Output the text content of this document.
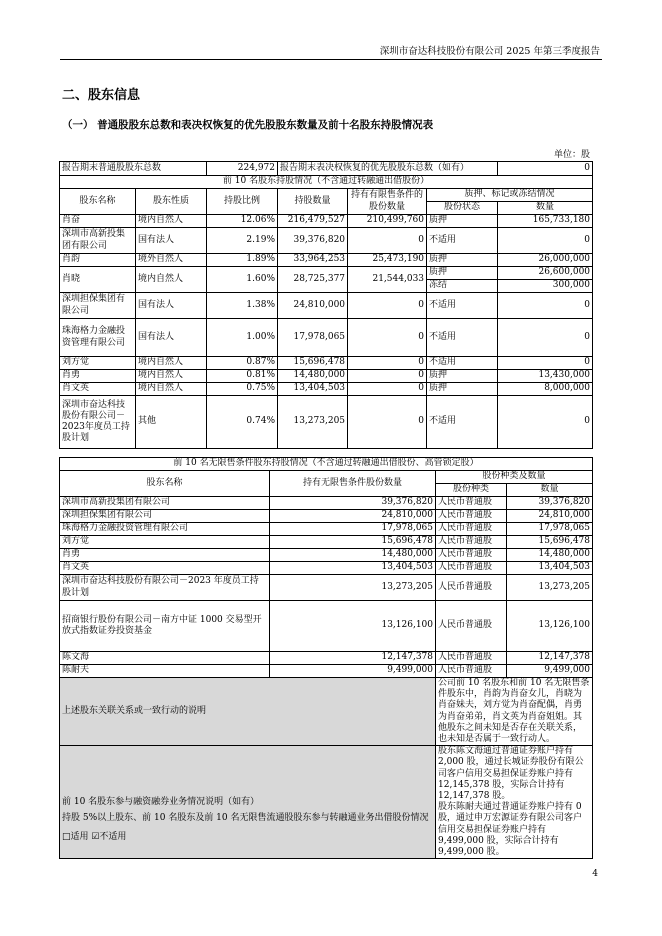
深圳市奋达科技股份有限公司 2025 年第三季度报告
二、股东信息
（一） 普通股股东总数和表决权恢复的优先股股东数量及前十名股东持股情况表
单位：股
报告期末普通股股东总数		224,972	报告期末表决权恢复的优先股股东总数（如有）			0
前 10 名股东持股情况（不含通过转融通出借股份）						
股东名称	股东性质	持股比例	持股数量	持有有限售条件的股份数量	质押、标记或冻结情况	
					股份状态	数量
肖奋	境内自然人	12.06%	216,479,527	210,499,760	质押	165,733,180
深圳市高新投集团有限公司	国有法人	2.19%	39,376,820	0	不适用	0
肖韵	境外自然人	1.89%	33,964,253	25,473,190	质押	26,000,000
肖晓	境内自然人	1.60%	28,725,377	21,544,033	质押	26,600,000
					冻结	300,000
深圳担保集团有限公司	国有法人	1.38%	24,810,000	0	不适用	0
珠海格力金融投资管理有限公司	国有法人	1.00%	17,978,065	0	不适用	0
刘方觉	境内自然人	0.87%	15,696,478	0	不适用	0
肖勇	境内自然人	0.81%	14,480,000	0	质押	13,430,000
肖文英	境内自然人	0.75%	13,404,503	0	质押	8,000,000
深圳市奋达科技股份有限公司－2023年度员工持股计划	其他	0.74%	13,273,205	0	不适用	0
前 10 名无限售条件股东持股情况（不含通过转融通出借股份、高管锁定股）			
股东名称	持有无限售条件股份数量	股份种类及数量	
		股份种类	数量
深圳市高新投集团有限公司	39,376,820	人民币普通股	39,376,820
深圳担保集团有限公司	24,810,000	人民币普通股	24,810,000
珠海格力金融投资管理有限公司	17,978,065	人民币普通股	17,978,065
刘方觉	15,696,478	人民币普通股	15,696,478
肖勇	14,480,000	人民币普通股	14,480,000
肖文英	13,404,503	人民币普通股	13,404,503
深圳市奋达科技股份有限公司－2023 年度员工持股计划	13,273,205	人民币普通股	13,273,205
招商银行股份有限公司－南方中证 1000 交易型开放式指数证券投资基金	13,126,100	人民币普通股	13,126,100
陈文海	12,147,378	人民币普通股	12,147,378
陈耐夫	9,499,000	人民币普通股	9,499,000
上述股东关联关系或一致行动的说明		公司前 10 名股东和前 10 名无限售条件股东中，肖韵为肖奋女儿，肖晓为肖奋妹夫，刘方觉为肖奋配偶，肖勇为肖奋弟弟，肖文英为肖奋姐姐。其他股东之间未知是否存在关联关系，也未知是否属于一致行动人。	
前 10 名股东参与融资融券业务情况说明（如有）		股东陈文海通过普通证券账户持有 2,000 股，通过长城证券股份有限公司客户信用交易担保证券账户持有 12,145,378 股，实际合计持有 12,147,378 股。
股东陈耐夫通过普通证券账户持有 0 股，通过申万宏源证券有限公司客户信用交易担保证券账户持有 9,499,000 股，实际合计持有 9,499,000 股。	
持股 5%以上股东、前 10 名股东及前 10 名无限售流通股股东参与转融通业务出借股份情况
□适用 ☑不适用
4
